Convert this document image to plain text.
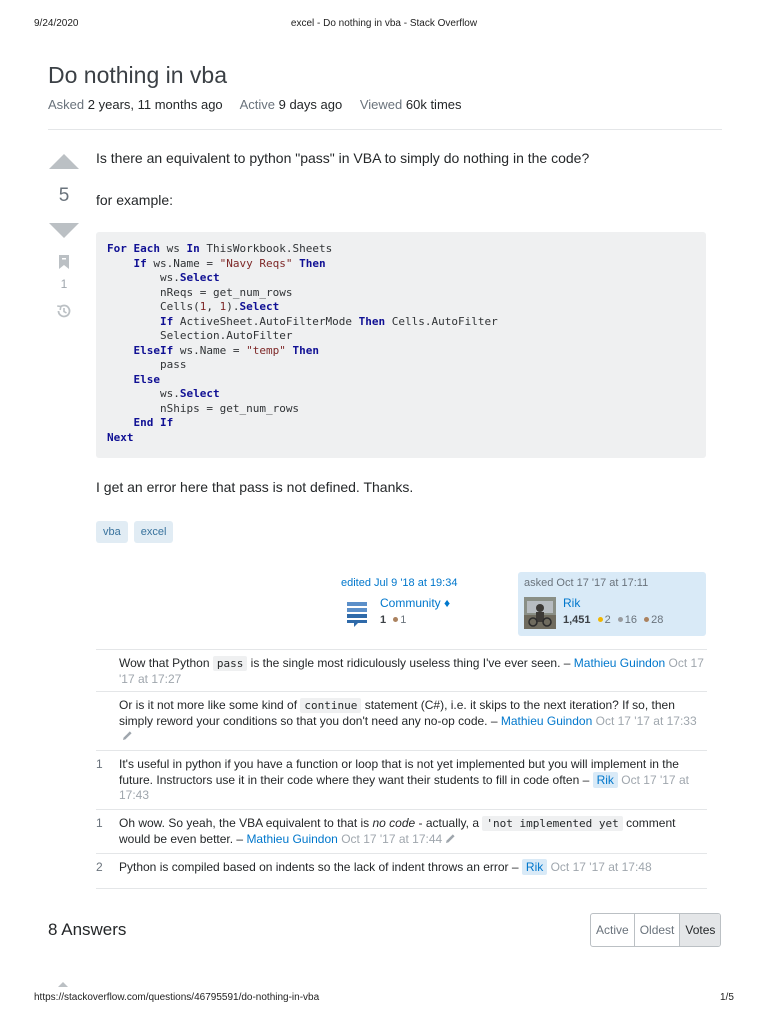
9/24/2020	excel - Do nothing in vba - Stack Overflow
Do nothing in vba
Asked 2 years, 11 months ago Active 9 days ago Viewed 60k times
5
1
Is there an equivalent to python "pass" in VBA to simply do nothing in the code?
for example:
For Each ws In ThisWorkbook.Sheets
If ws.Name = "Navy Reqs" Then
ws.Select
nReqs = get_num_rows
Cells(1, 1).Select
If ActiveSheet.AutoFilterMode Then Cells.AutoFilter
Selection.AutoFilter
ElseIf ws.Name = "temp" Then
pass
Else
ws.Select
nShips = get_num_rows
End If
Next
I get an error here that pass is not defined. Thanks.
vba	excel
edited Jul 9 '18 at 19:34
Community ♦
1 1
asked Oct 17 '17 at 17:11
Rik
1,451 2 16 28
Wow that Python pass is the single most ridiculously useless thing I've ever seen. – Mathieu Guindon Oct 17 '17 at 17:27
Or is it not more like some kind of continue statement (C#), i.e. it skips to the next iteration? If so, then simply reword your conditions so that you don't need any no-op code. – Mathieu Guindon Oct 17 '17 at 17:33
1	It's useful in python if you have a function or loop that is not yet implemented but you will implement in the future. Instructors use it in their code where they want their students to fill in code often – Rik Oct 17 '17 at 17:43
1	Oh wow. So yeah, the VBA equivalent to that is no code - actually, a 'not implemented yet comment would be even better. – Mathieu Guindon Oct 17 '17 at 17:44
2	Python is compiled based on indents so the lack of indent throws an error – Rik Oct 17 '17 at 17:48
8 Answers	Active Oldest Votes
https://stackoverflow.com/questions/46795591/do-nothing-in-vba	1/5
